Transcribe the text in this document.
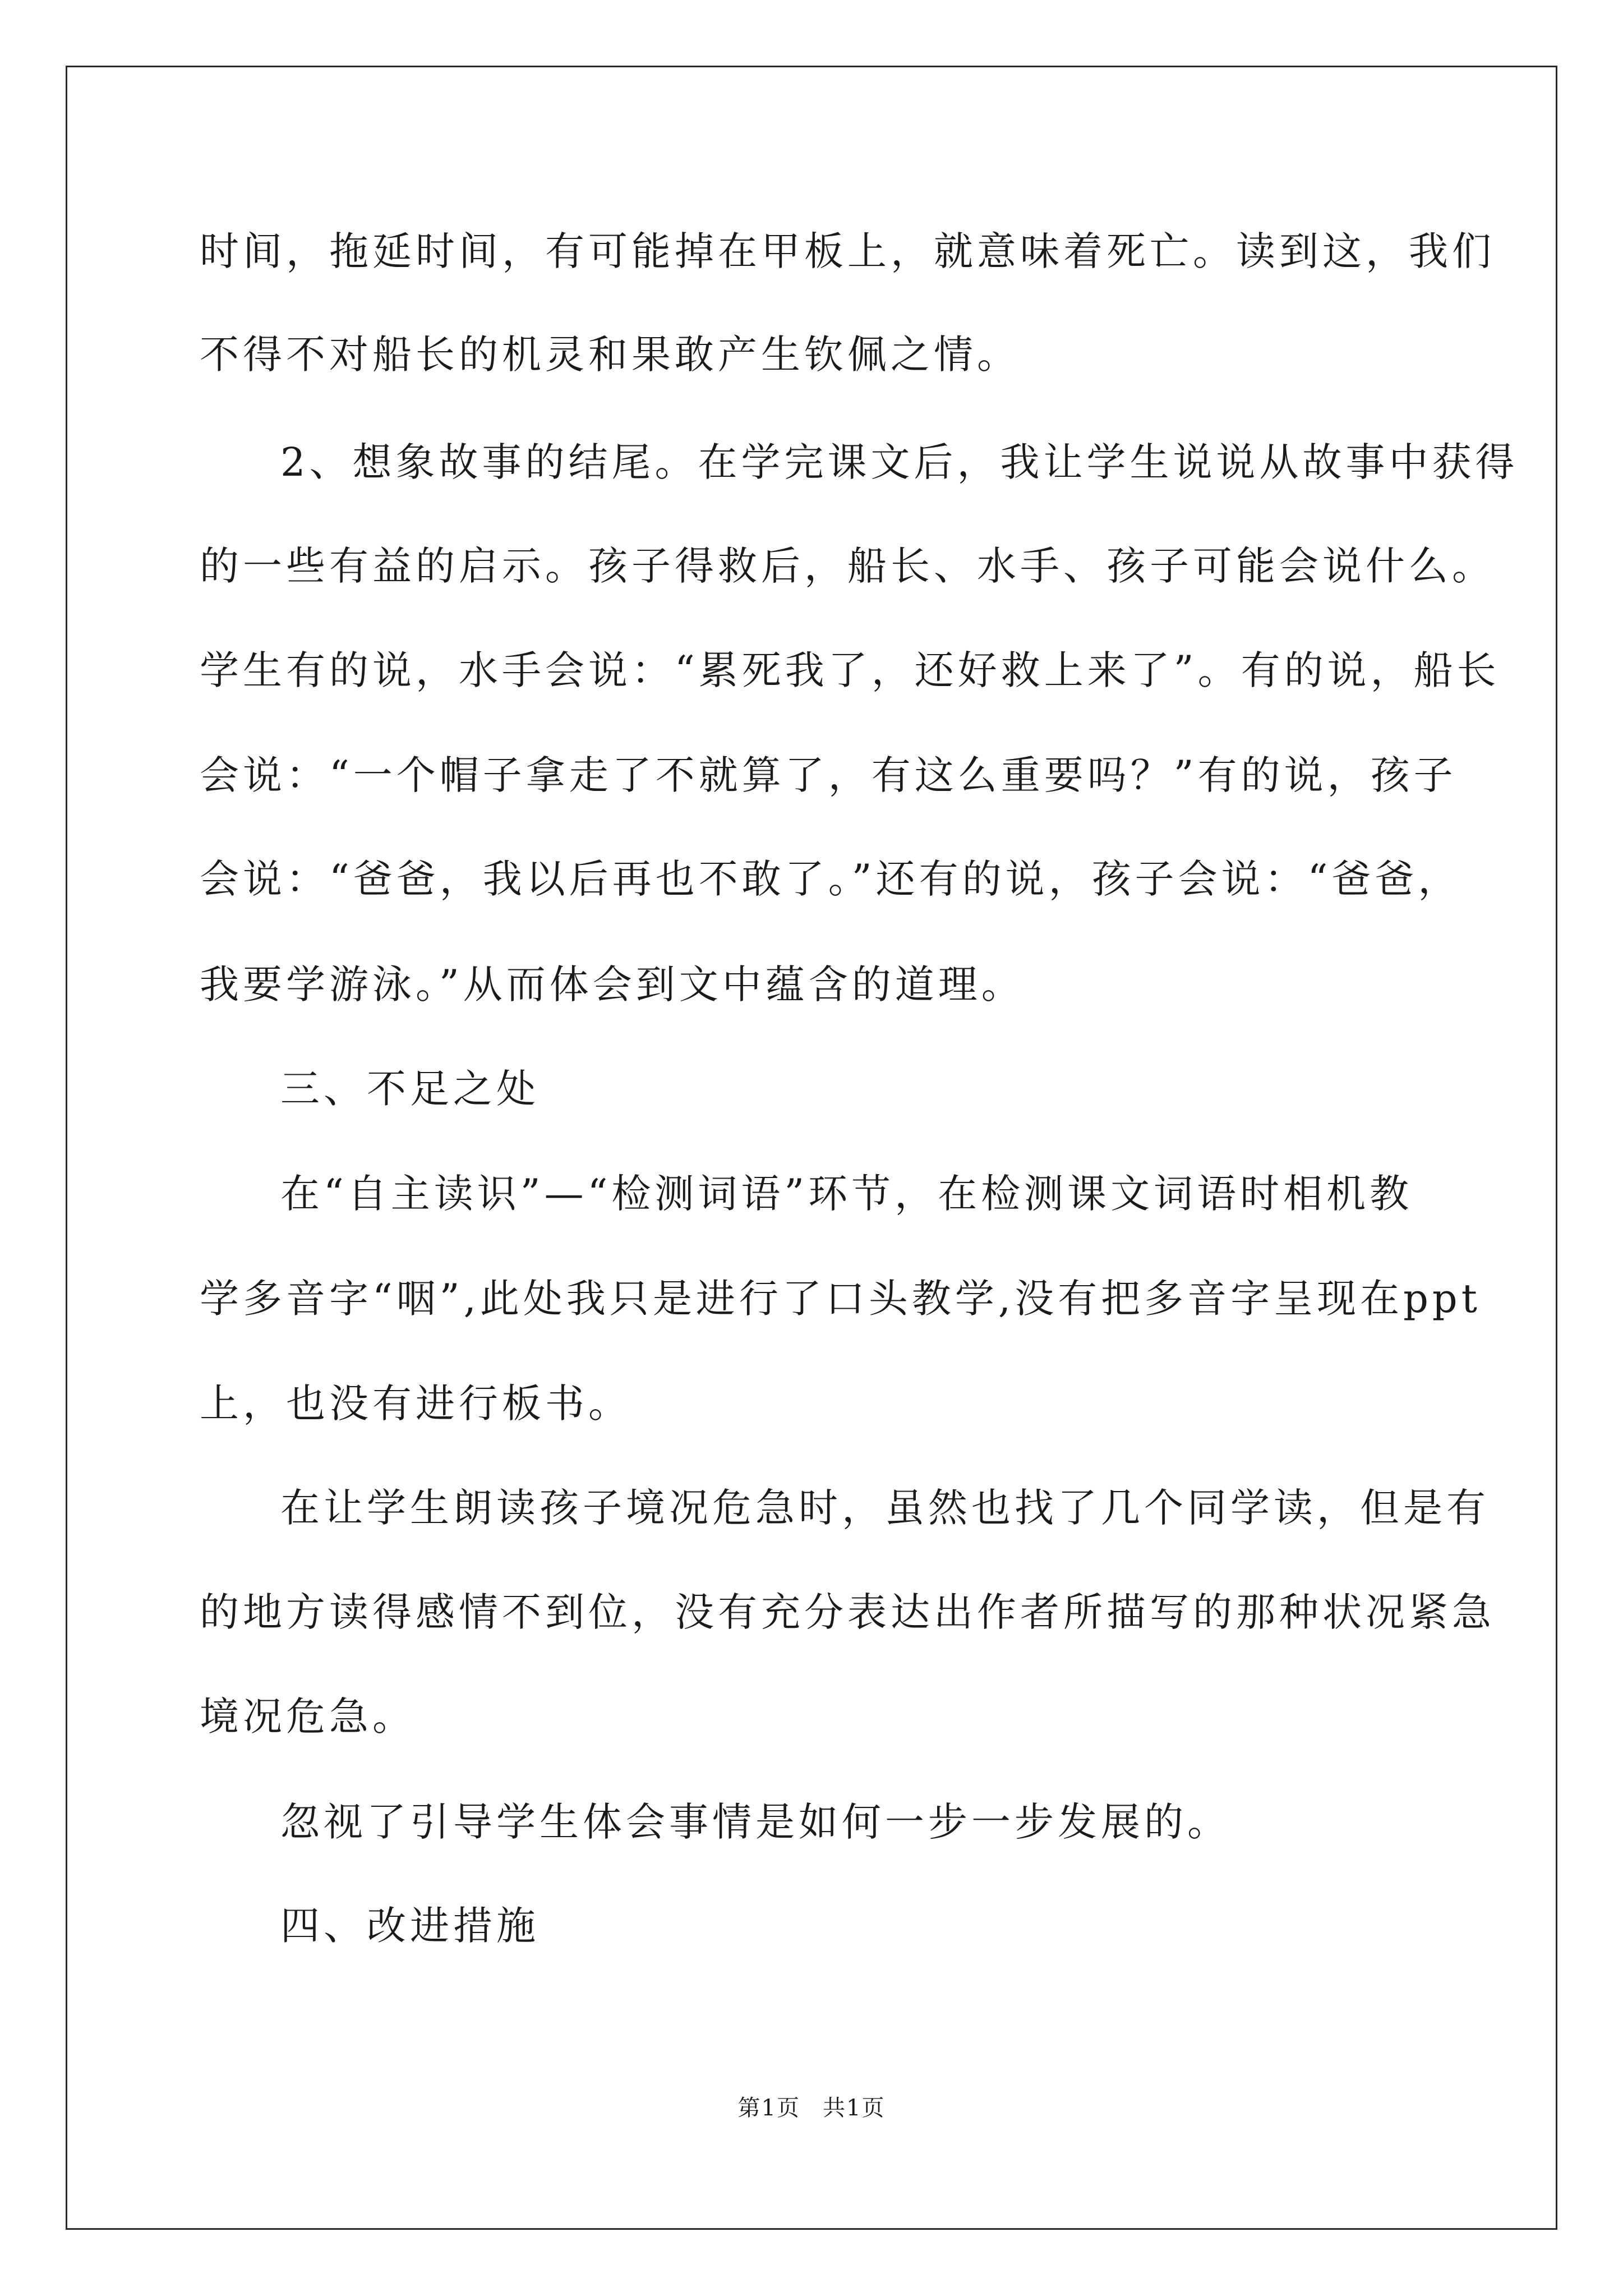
时间，拖延时间，有可能掉在甲板上，就意味着死亡。读到这，我们
不得不对船长的机灵和果敢产生钦佩之情。
2、想象故事的结尾。在学完课文后，我让学生说说从故事中获得
的一些有益的启示。孩子得救后，船长、水手、孩子可能会说什么。
学生有的说，水手会说：“累死我了，还好救上来了”。有的说，船长
会说：“一个帽子拿走了不就算了，有这么重要吗？”有的说，孩子
会说：“爸爸，我以后再也不敢了。”还有的说，孩子会说：“爸爸，
我要学游泳。”从而体会到文中蕴含的道理。
三、不足之处
在“自主读识”—“检测词语”环节，在检测课文词语时相机教
学多音字“咽”,此处我只是进行了口头教学,没有把多音字呈现在ppt
上，也没有进行板书。
在让学生朗读孩子境况危急时，虽然也找了几个同学读，但是有
的地方读得感情不到位，没有充分表达出作者所描写的那种状况紧急
境况危急。
忽视了引导学生体会事情是如何一步一步发展的。
四、改进措施
第1页 共1页
